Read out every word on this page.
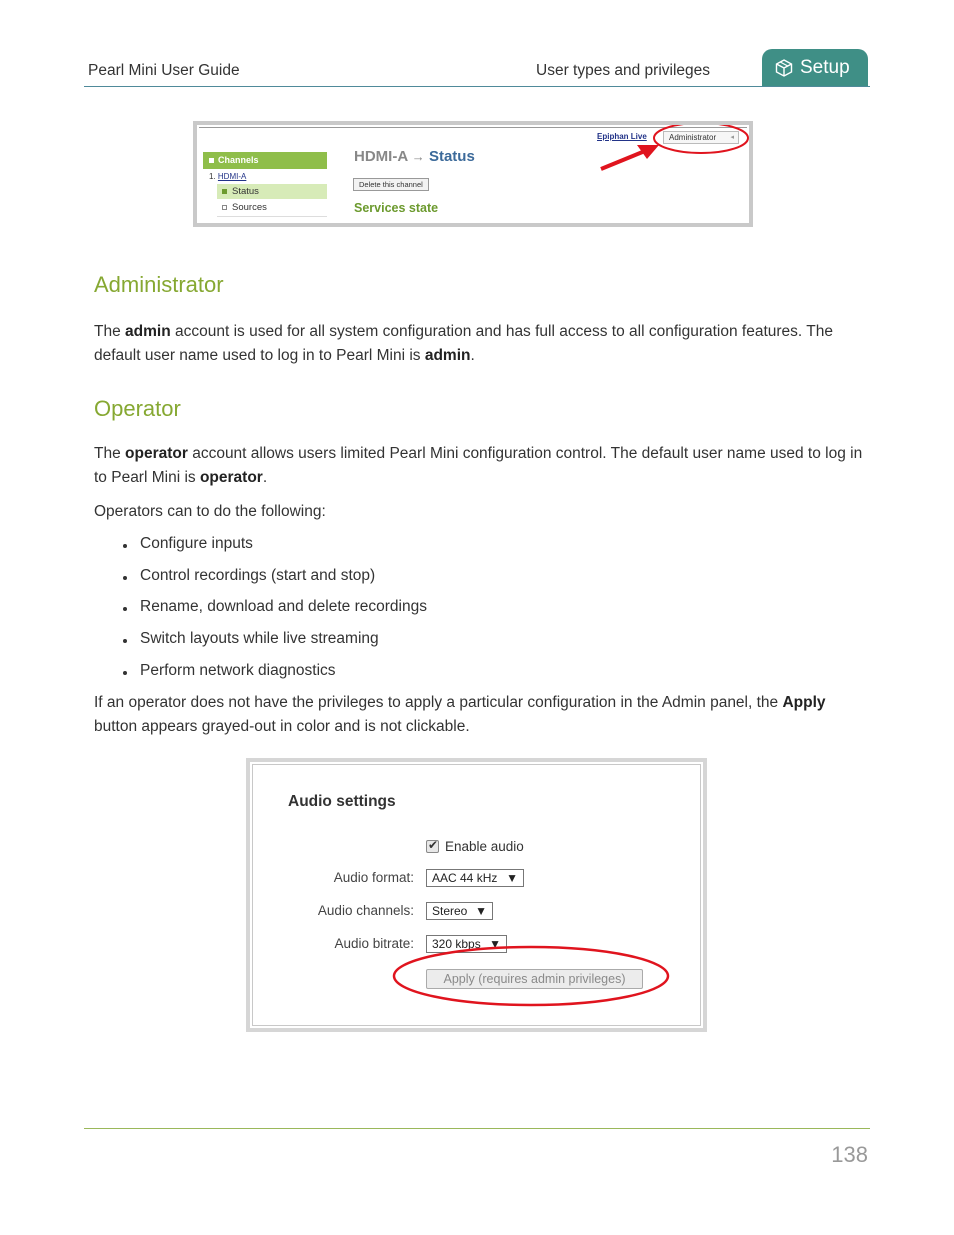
Pearl Mini User Guide	User types and privileges	Setup
Channels
1. HDMI-A
Status
Sources
HDMI-A → Status
Delete this channel
Services state
Epiphan Live	Administrator ◂
Administrator

The admin account is used for all system configuration and has full access to all configuration features. The default user name used to log in to Pearl Mini is admin.

Operator

The operator account allows users limited Pearl Mini configuration control. The default user name used to log in to Pearl Mini is operator.

Operators can to do the following:

Configure inputs
Control recordings (start and stop)
Rename, download and delete recordings
Switch layouts while live streaming
Perform network diagnostics

If an operator does not have the privileges to apply a particular configuration in the Admin panel, the Apply button appears grayed-out in color and is not clickable.

Audio settings
✔
Enable audio
Audio format:	AAC 44 kHz ▼
Audio channels:	Stereo ▼
Audio bitrate:	320 kbps ▼
Apply (requires admin privileges)
138
